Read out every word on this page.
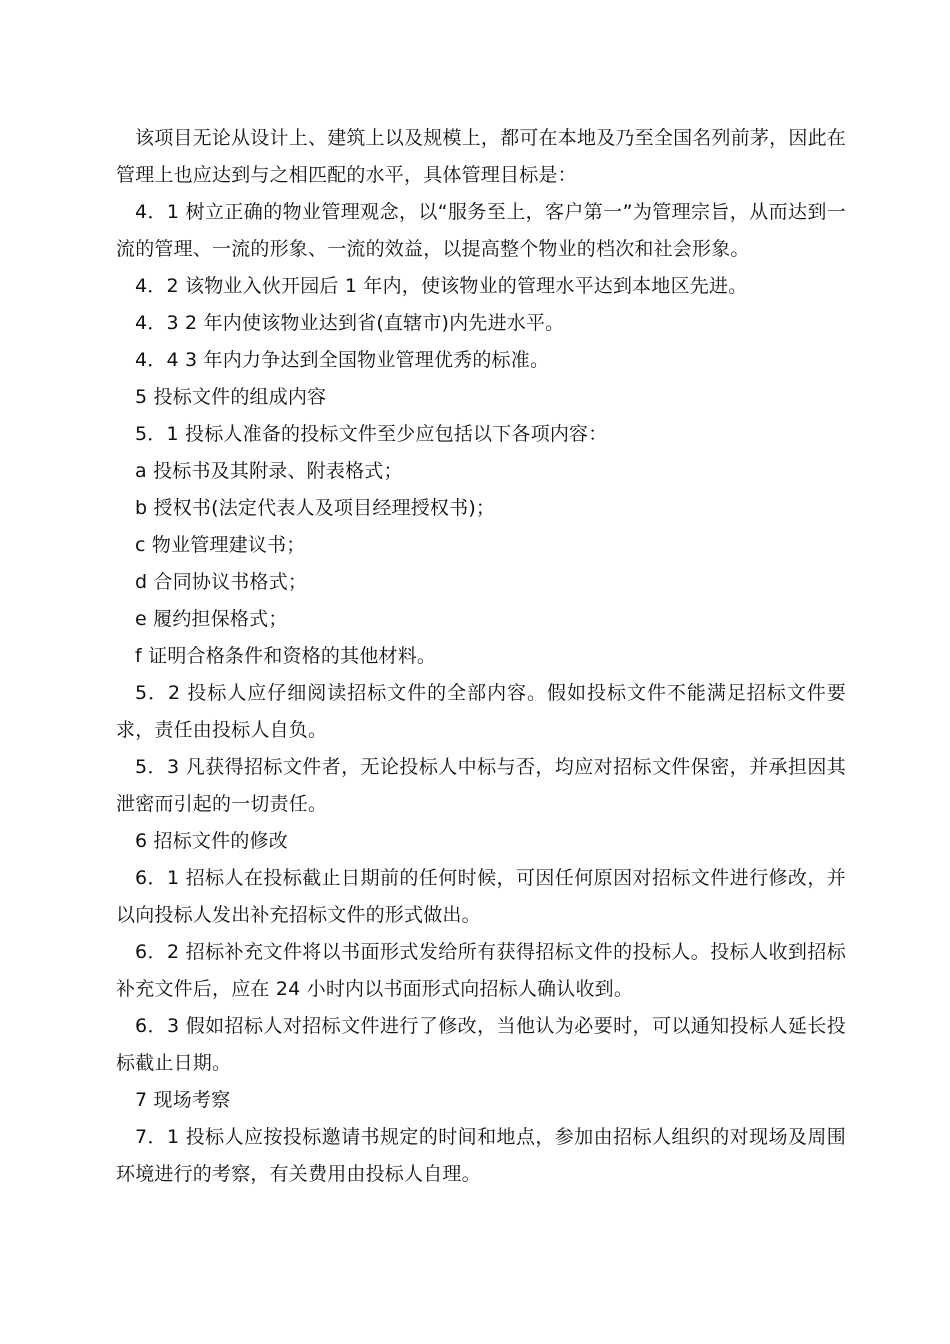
该项目无论从设计上、建筑上以及规模上，都可在本地及乃至全国名列前茅，因此在管理上也应达到与之相匹配的水平，具体管理目标是：

4．1 树立正确的物业管理观念，以“服务至上，客户第一”为管理宗旨，从而达到一流的管理、一流的形象、一流的效益，以提高整个物业的档次和社会形象。

4．2 该物业入伙开园后 1 年内，使该物业的管理水平达到本地区先进。

4．3 2 年内使该物业达到省(直辖市)内先进水平。

4．4 3 年内力争达到全国物业管理优秀的标准。

5 投标文件的组成内容

5．1 投标人准备的投标文件至少应包括以下各项内容：

a 投标书及其附录、附表格式；

b 授权书(法定代表人及项目经理授权书)；

c 物业管理建议书；

d 合同协议书格式；

e 履约担保格式；

f 证明合格条件和资格的其他材料。

5．2 投标人应仔细阅读招标文件的全部内容。假如投标文件不能满足招标文件要求，责任由投标人自负。

5．3 凡获得招标文件者，无论投标人中标与否，均应对招标文件保密，并承担因其泄密而引起的一切责任。

6 招标文件的修改

6．1 招标人在投标截止日期前的任何时候，可因任何原因对招标文件进行修改，并以向投标人发出补充招标文件的形式做出。

6．2 招标补充文件将以书面形式发给所有获得招标文件的投标人。投标人收到招标补充文件后，应在 24 小时内以书面形式向招标人确认收到。

6．3 假如招标人对招标文件进行了修改，当他认为必要时，可以通知投标人延长投标截止日期。

7 现场考察

7．1 投标人应按投标邀请书规定的时间和地点，参加由招标人组织的对现场及周围环境进行的考察，有关费用由投标人自理。
